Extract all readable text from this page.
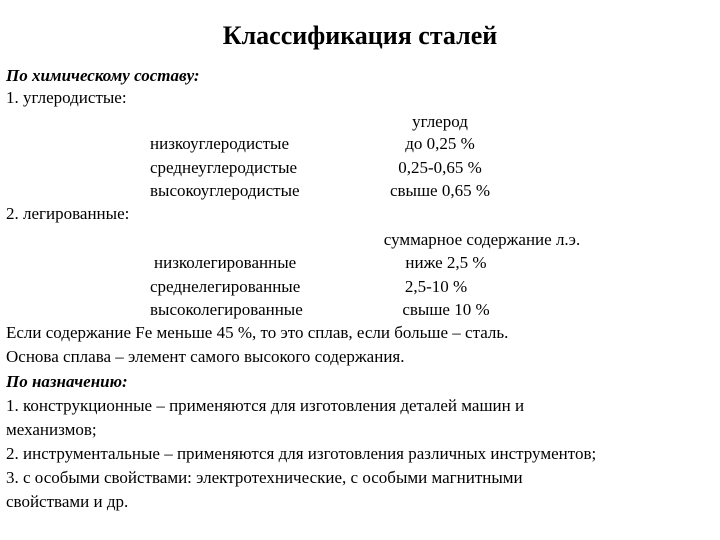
Классификация сталей
По химическому составу:
1. углеродистые:
углерод
низкоуглеродистые	до 0,25 %
среднеуглеродистые	0,25-0,65 %
высокоуглеродистые	свыше 0,65 %
2. легированные:
суммарное содержание л.э.
низколегированные	ниже 2,5 %
среднелегированные	2,5-10 %
высоколегированные	свыше 10 %
Если содержание Fe меньше 45 %, то это сплав, если больше – сталь.
Основа сплава – элемент самого высокого содержания.
По назначению:
1. конструкционные – применяются для изготовления деталей машин и
механизмов;
2. инструментальные – применяются для изготовления различных инструментов;
3. с особыми свойствами: электротехнические, с особыми магнитными
свойствами и др.
